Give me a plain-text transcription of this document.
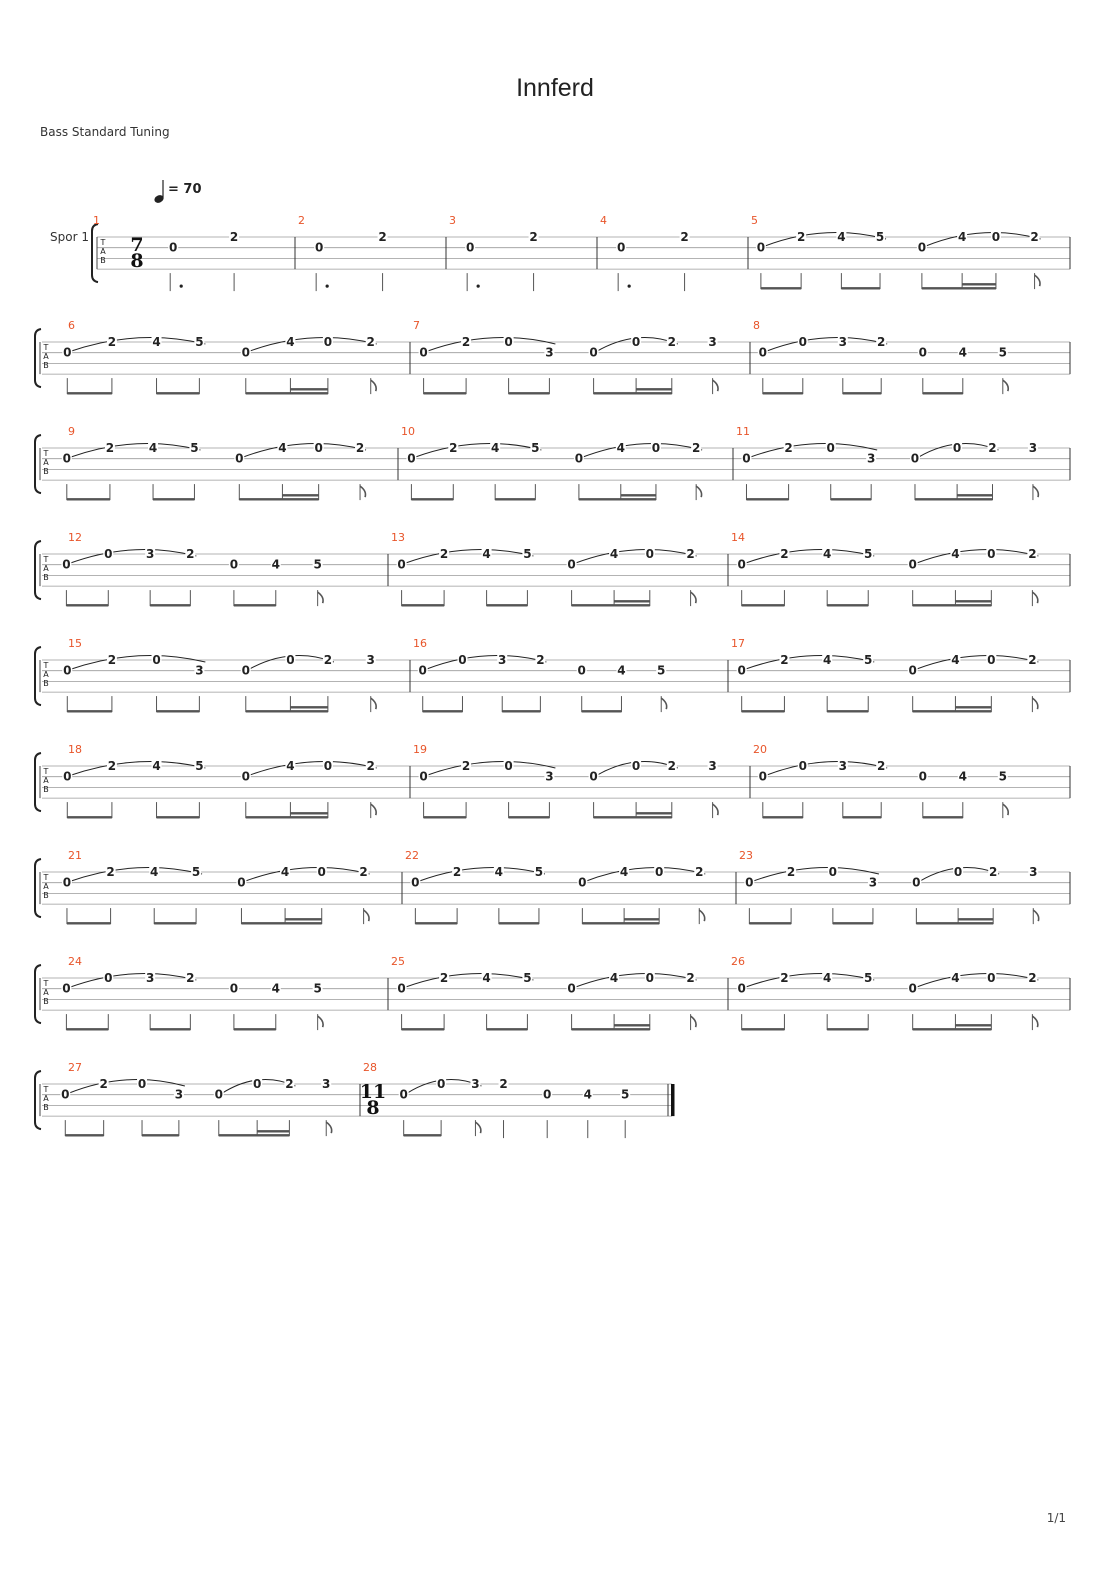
Innferd
Bass Standard Tuning
= 70
Spor 1 T
A
B
1
7
8
0
2
2
0
2
3
0
2
4
0
2
5
0
2	4	5
0
4 0	2
T
A
B
6
0
2	4	5
0
4 0	2
7
0
2	0
3	0
0 2	3
8
0
0	3	2
0	4	5
T
A
B
9
0
2	4	5
0
4 0	2
10
0
2	4	5
0
4 0	2
11
0
2	0
3	0
0 2	3
T
A
B
12
0
0	3	2
0	4	5
13
0
2	4	5
0
4 0	2
14
0
2	4	5
0
4 0	2
T
A
B
15
0
2	0
3	0
0 2	3
16
0
0	3 2
0	4	5
17
0
2	4	5
0
4 0	2
T
A
B
18
0
2	4	5
0
4 0	2
19
0
2	0
3	0
0 2	3
20
0
0	3	2
0	4	5
T
A
B
21
0
2	4	5
0
4 0	2
22
0
2	4	5
0
4 0	2
23
0
2	0
3	0
0 2	3
T
A
B
24
0
0	3	2
0	4	5
25
0
2	4	5
0
4 0	2
26
0
2	4	5
0
4 0	2
T
A
B
27
0
2	0
3	0
0 2 3
28
11
8
0
0 3 2
0	4 5
1/1
